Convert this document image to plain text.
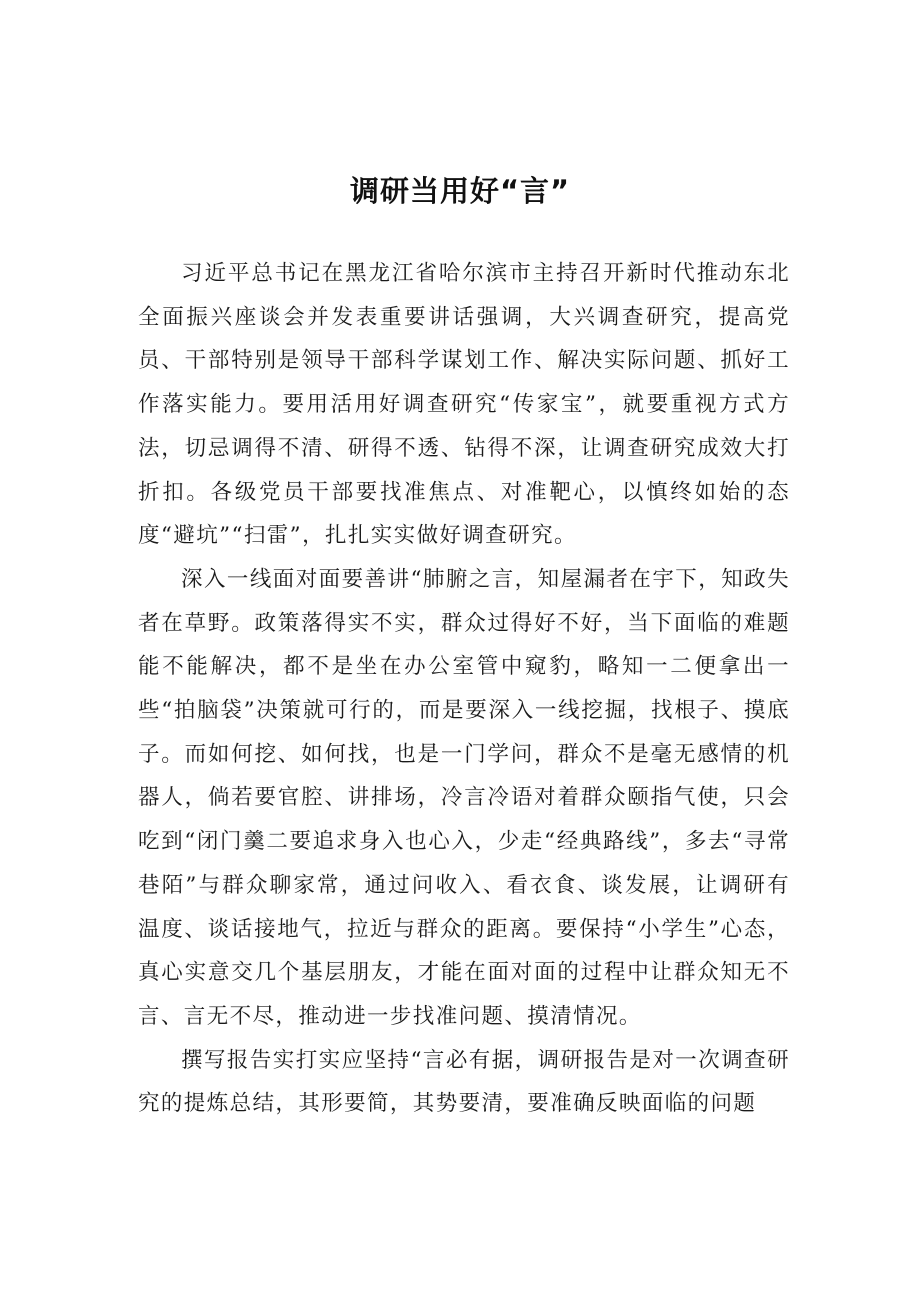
调研当用好“言”

习近平总书记在黑龙江省哈尔滨市主持召开新时代推动东北全面振兴座谈会并发表重要讲话强调，大兴调查研究，提高党员、干部特别是领导干部科学谋划工作、解决实际问题、抓好工作落实能力。要用活用好调查研究“传家宝”，就要重视方式方法，切忌调得不清、研得不透、钻得不深，让调查研究成效大打折扣。各级党员干部要找准焦点、对准靶心，以慎终如始的态度“避坑”“扫雷”，扎扎实实做好调查研究。

深入一线面对面要善讲“肺腑之言，知屋漏者在宇下，知政失者在草野。政策落得实不实，群众过得好不好，当下面临的难题能不能解决，都不是坐在办公室管中窥豹，略知一二便拿出一些“拍脑袋”决策就可行的，而是要深入一线挖掘，找根子、摸底子。而如何挖、如何找，也是一门学问，群众不是毫无感情的机器人，倘若要官腔、讲排场，冷言冷语对着群众颐指气使，只会吃到“闭门羹二要追求身入也心入，少走“经典路线”，多去“寻常巷陌”与群众聊家常，通过问收入、看衣食、谈发展，让调研有温度、谈话接地气，拉近与群众的距离。要保持“小学生”心态，真心实意交几个基层朋友，才能在面对面的过程中让群众知无不言、言无不尽，推动进一步找准问题、摸清情况。

撰写报告实打实应坚持“言必有据，调研报告是对一次调查研究的提炼总结，其形要简，其势要清，要准确反映面临的问题
